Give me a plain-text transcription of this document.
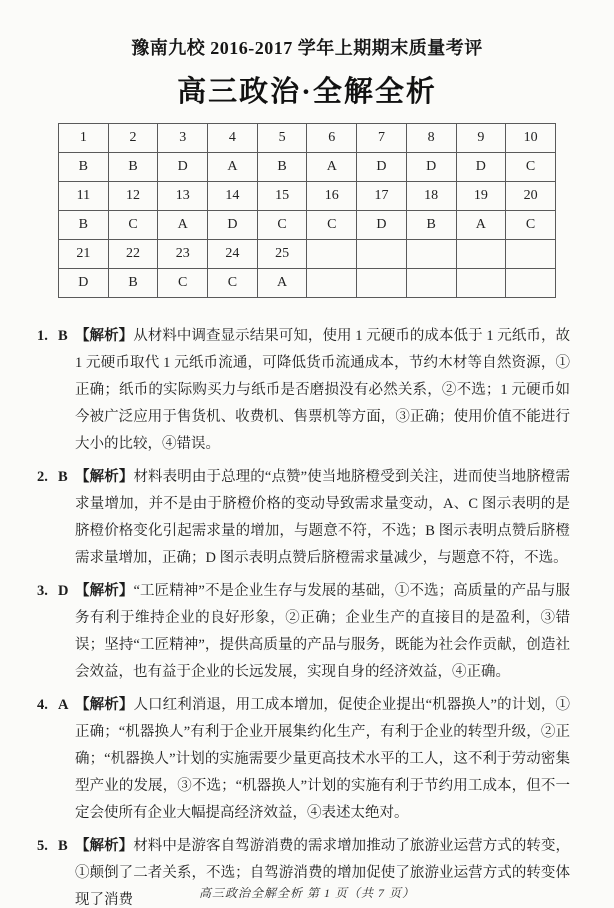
豫南九校 2016-2017 学年上期期末质量考评
高三政治·全解全析
1	2	3	4	5	6	7	8	9	10
B	B	D	A	B	A	D	D	D	C
11	12	13	14	15	16	17	18	19	20
B	C	A	D	C	C	D	B	A	C
21	22	23	24	25					
D	B	C	C	A					
1. B 【解析】从材料中调查显示结果可知，使用 1 元硬币的成本低于 1 元纸币，故 1 元硬币取代 1 元纸币流通，可降低货币流通成本，节约木材等自然资源，①正确；纸币的实际购买力与纸币是否磨损没有必然关系，②不选；1 元硬币如今被广泛应用于售货机、收费机、售票机等方面，③正确；使用价值不能进行大小的比较，④错误。
2. B 【解析】材料表明由于总理的“点赞”使当地脐橙受到关注，进而使当地脐橙需求量增加，并不是由于脐橙价格的变动导致需求量变动，A、C 图示表明的是脐橙价格变化引起需求量的增加，与题意不符，不选；B 图示表明点赞后脐橙需求量增加，正确；D 图示表明点赞后脐橙需求量减少，与题意不符，不选。
3. D 【解析】“工匠精神”不是企业生存与发展的基础，①不选；高质量的产品与服务有利于维持企业的良好形象，②正确；企业生产的直接目的是盈利，③错误；坚持“工匠精神”，提供高质量的产品与服务，既能为社会作贡献，创造社会效益，也有益于企业的长远发展，实现自身的经济效益，④正确。
4. A 【解析】人口红利消退，用工成本增加，促使企业提出“机器换人”的计划，①正确；“机器换人”有利于企业开展集约化生产，有利于企业的转型升级，②正确；“机器换人”计划的实施需要少量更高技术水平的工人，这不利于劳动密集型产业的发展，③不选；“机器换人”计划的实施有利于节约用工成本，但不一定会使所有企业大幅提高经济效益，④表述太绝对。
5. B 【解析】材料中是游客自驾游消费的需求增加推动了旅游业运营方式的转变，①颠倒了二者关系，不选；自驾游消费的增加促使了旅游业运营方式的转变体现了消费	高三政治全解全析 第 1 页（共 7 页）
